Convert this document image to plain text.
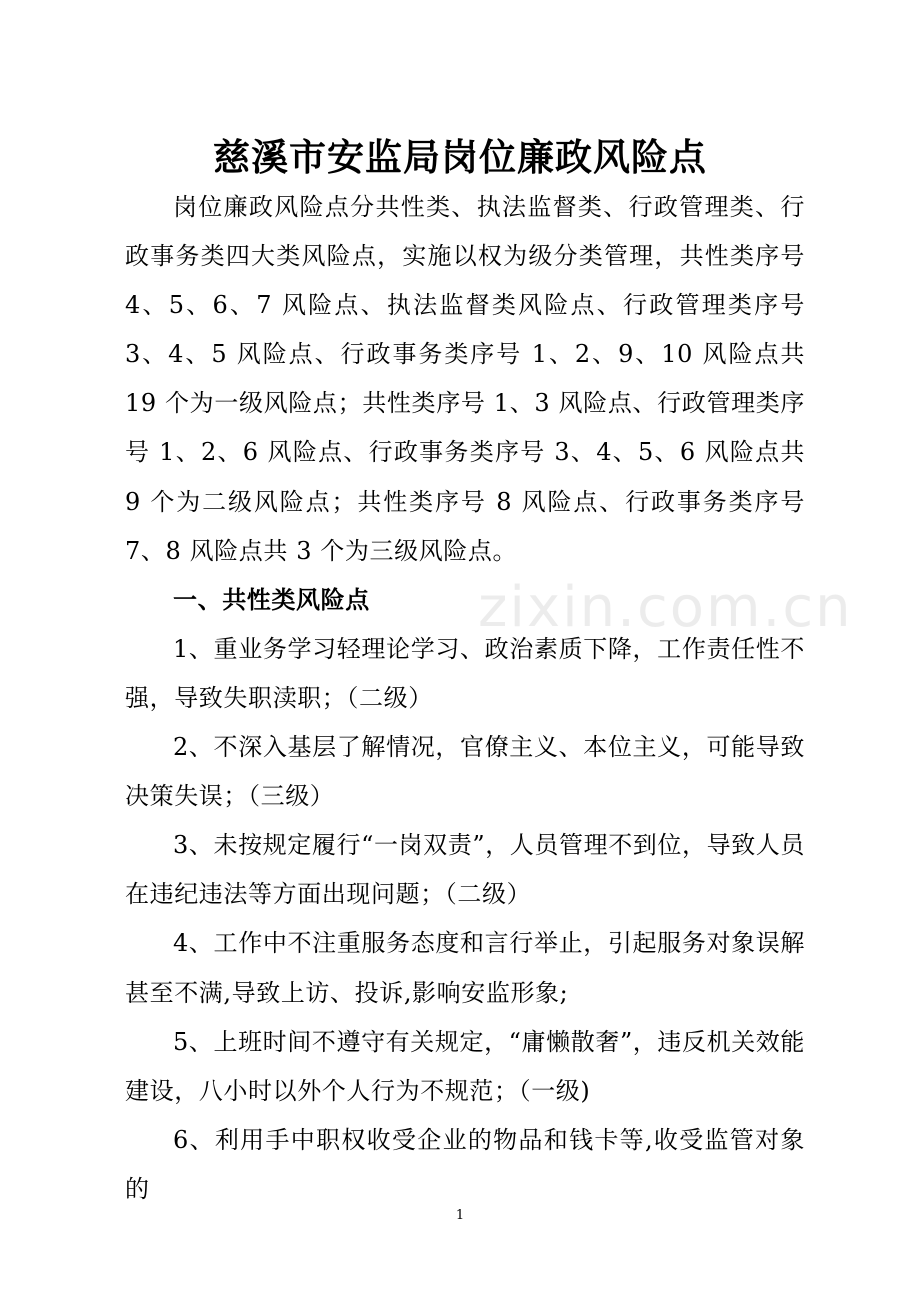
慈溪市安监局岗位廉政风险点

岗位廉政风险点分共性类、执法监督类、行政管理类、行政事务类四大类风险点，实施以权为级分类管理，共性类序号 4、5、6、7 风险点、执法监督类风险点、行政管理类序号 3、4、5 风险点、行政事务类序号 1、2、9、10 风险点共 19 个为一级风险点；共性类序号 1、3 风险点、行政管理类序号 1、2、6 风险点、行政事务类序号 3、4、5、6 风险点共 9 个为二级风险点；共性类序号 8 风险点、行政事务类序号 7、8 风险点共 3 个为三级风险点。

一、共性类风险点

1、重业务学习轻理论学习、政治素质下降，工作责任性不强，导致失职渎职；（二级）

2、不深入基层了解情况，官僚主义、本位主义，可能导致决策失误；（三级）

3、未按规定履行“一岗双责”，人员管理不到位，导致人员在违纪违法等方面出现问题；（二级）

4、工作中不注重服务态度和言行举止，引起服务对象误解甚至不满,导致上访、投诉,影响安监形象;

5、上班时间不遵守有关规定，“庸懒散奢”，违反机关效能建设，八小时以外个人行为不规范；（一级)

6、利用手中职权收受企业的物品和钱卡等,收受监管对象的

zixin.com.cn
1
